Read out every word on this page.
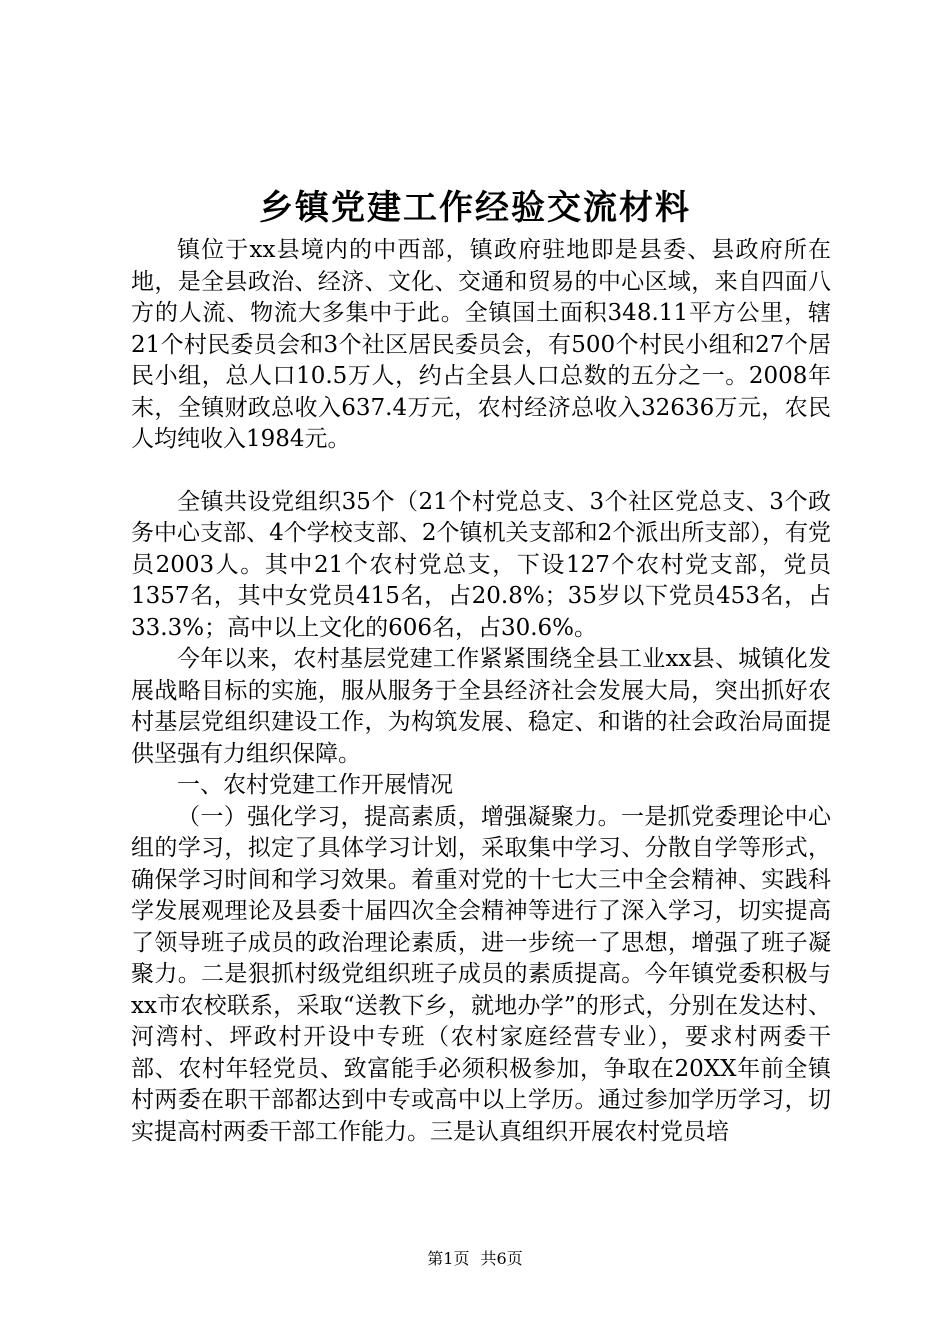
乡镇党建工作经验交流材料

镇位于xx县境内的中西部，镇政府驻地即是县委、县政府所在地，是全县政治、经济、文化、交通和贸易的中心区域，来自四面八方的人流、物流大多集中于此。全镇国土面积348.11平方公里，辖21个村民委员会和3个社区居民委员会，有500个村民小组和27个居民小组，总人口10.5万人，约占全县人口总数的五分之一。2008年末，全镇财政总收入637.4万元，农村经济总收入32636万元，农民人均纯收入1984元。

全镇共设党组织35个（21个村党总支、3个社区党总支、3个政务中心支部、4个学校支部、2个镇机关支部和2个派出所支部），有党员2003人。其中21个农村党总支，下设127个农村党支部，党员1357名，其中女党员415名，占20.8%；35岁以下党员453名，占33.3%；高中以上文化的606名，占30.6%。

今年以来，农村基层党建工作紧紧围绕全县工业xx县、城镇化发展战略目标的实施，服从服务于全县经济社会发展大局，突出抓好农村基层党组织建设工作，为构筑发展、稳定、和谐的社会政治局面提供坚强有力组织保障。

一、农村党建工作开展情况

（一）强化学习，提高素质，增强凝聚力。一是抓党委理论中心组的学习，拟定了具体学习计划，采取集中学习、分散自学等形式，确保学习时间和学习效果。着重对党的十七大三中全会精神、实践科学发展观理论及县委十届四次全会精神等进行了深入学习，切实提高了领导班子成员的政治理论素质，进一步统一了思想，增强了班子凝聚力。二是狠抓村级党组织班子成员的素质提高。今年镇党委积极与xx市农校联系，采取“送教下乡，就地办学”的形式，分别在发达村、河湾村、坪政村开设中专班（农村家庭经营专业），要求村两委干部、农村年轻党员、致富能手必须积极参加，争取在20XX年前全镇村两委在职干部都达到中专或高中以上学历。通过参加学历学习，切实提高村两委干部工作能力。三是认真组织开展农村党员培

第1页 共6页
